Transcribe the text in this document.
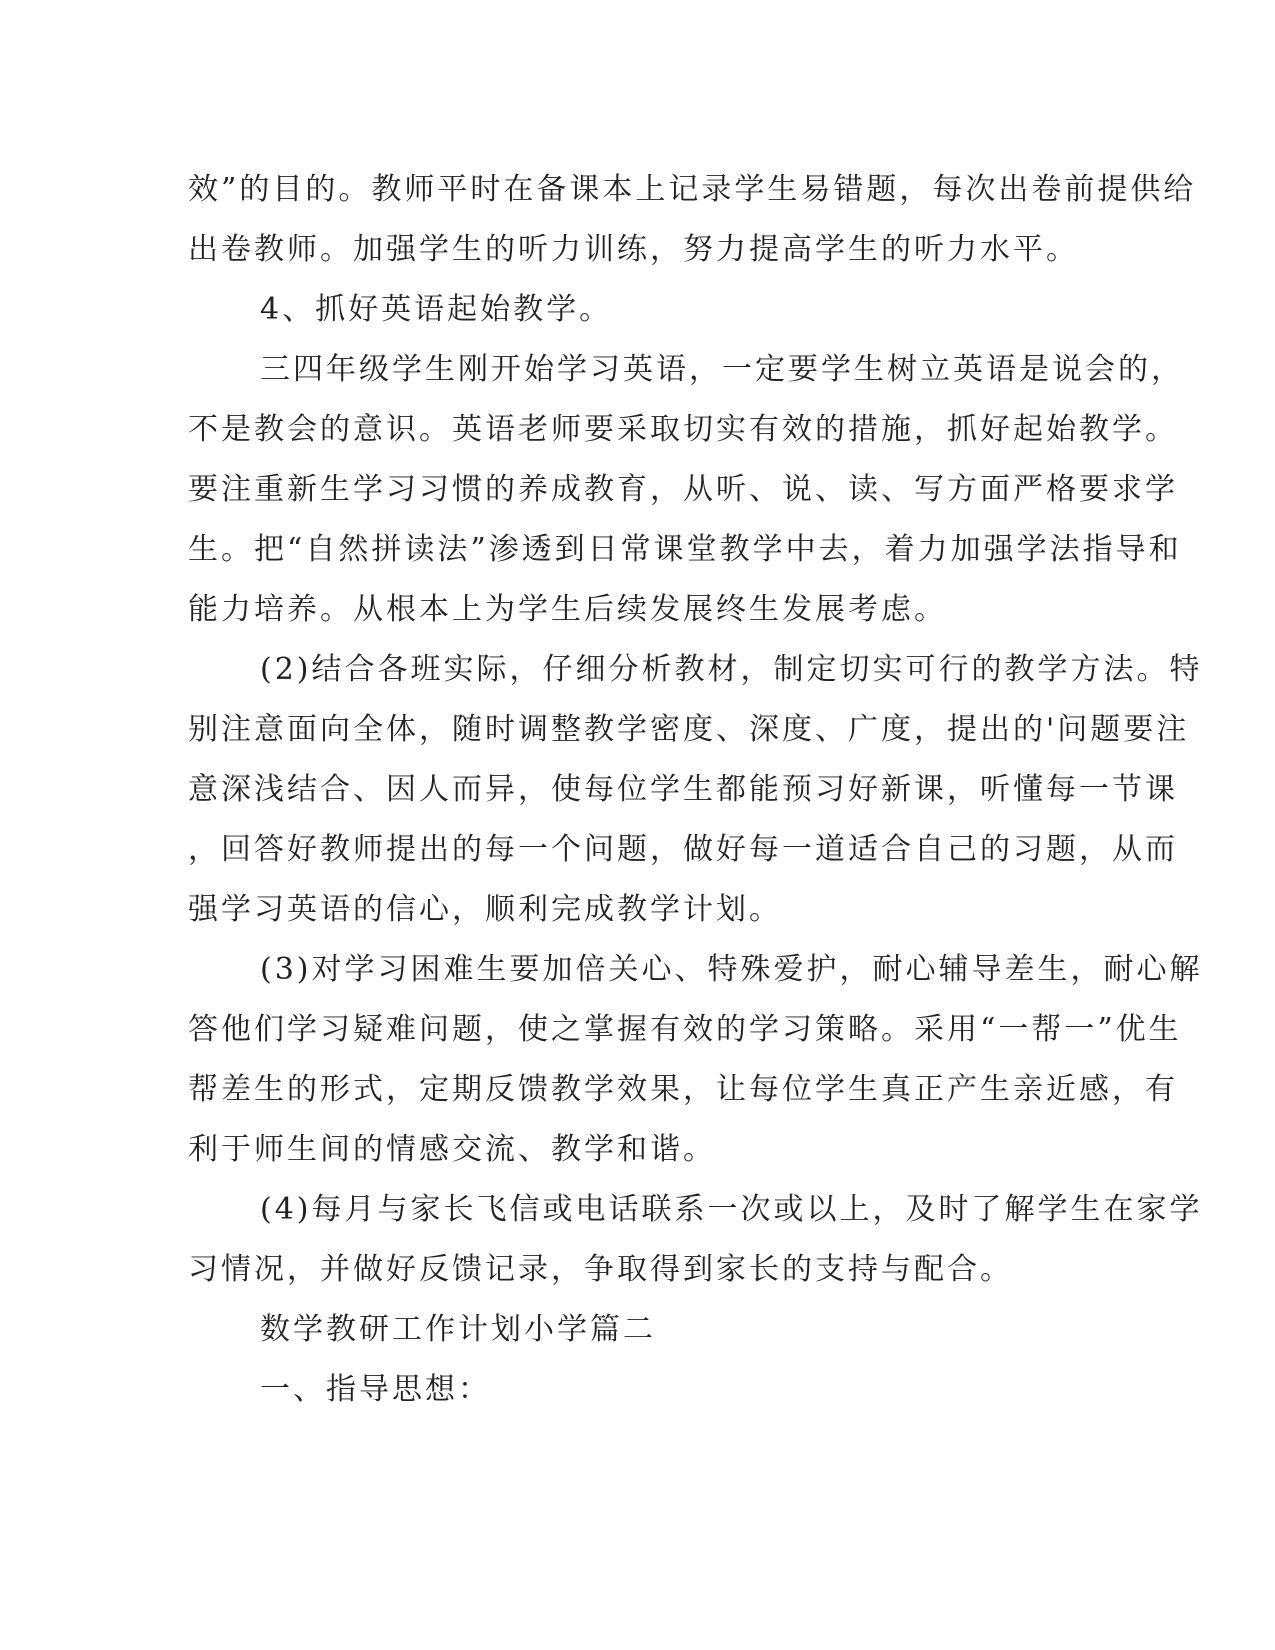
效”的目的。教师平时在备课本上记录学生易错题，每次出卷前提供给
出卷教师。加强学生的听力训练，努力提高学生的听力水平。
4、抓好英语起始教学。
三四年级学生刚开始学习英语，一定要学生树立英语是说会的，
不是教会的意识。英语老师要采取切实有效的措施，抓好起始教学。
要注重新生学习习惯的养成教育，从听、说、读、写方面严格要求学
生。把“自然拼读法”渗透到日常课堂教学中去，着力加强学法指导和
能力培养。从根本上为学生后续发展终生发展考虑。
(2)结合各班实际，仔细分析教材，制定切实可行的教学方法。特
别注意面向全体，随时调整教学密度、深度、广度，提出的'问题要注
意深浅结合、因人而异，使每位学生都能预习好新课，听懂每一节课
，回答好教师提出的每一个问题，做好每一道适合自己的习题，从而
强学习英语的信心，顺利完成教学计划。
(3)对学习困难生要加倍关心、特殊爱护，耐心辅导差生，耐心解
答他们学习疑难问题，使之掌握有效的学习策略。采用“一帮一”优生
帮差生的形式，定期反馈教学效果，让每位学生真正产生亲近感，有
利于师生间的情感交流、教学和谐。
(4)每月与家长飞信或电话联系一次或以上，及时了解学生在家学
习情况，并做好反馈记录，争取得到家长的支持与配合。
数学教研工作计划小学篇二
一、指导思想：
